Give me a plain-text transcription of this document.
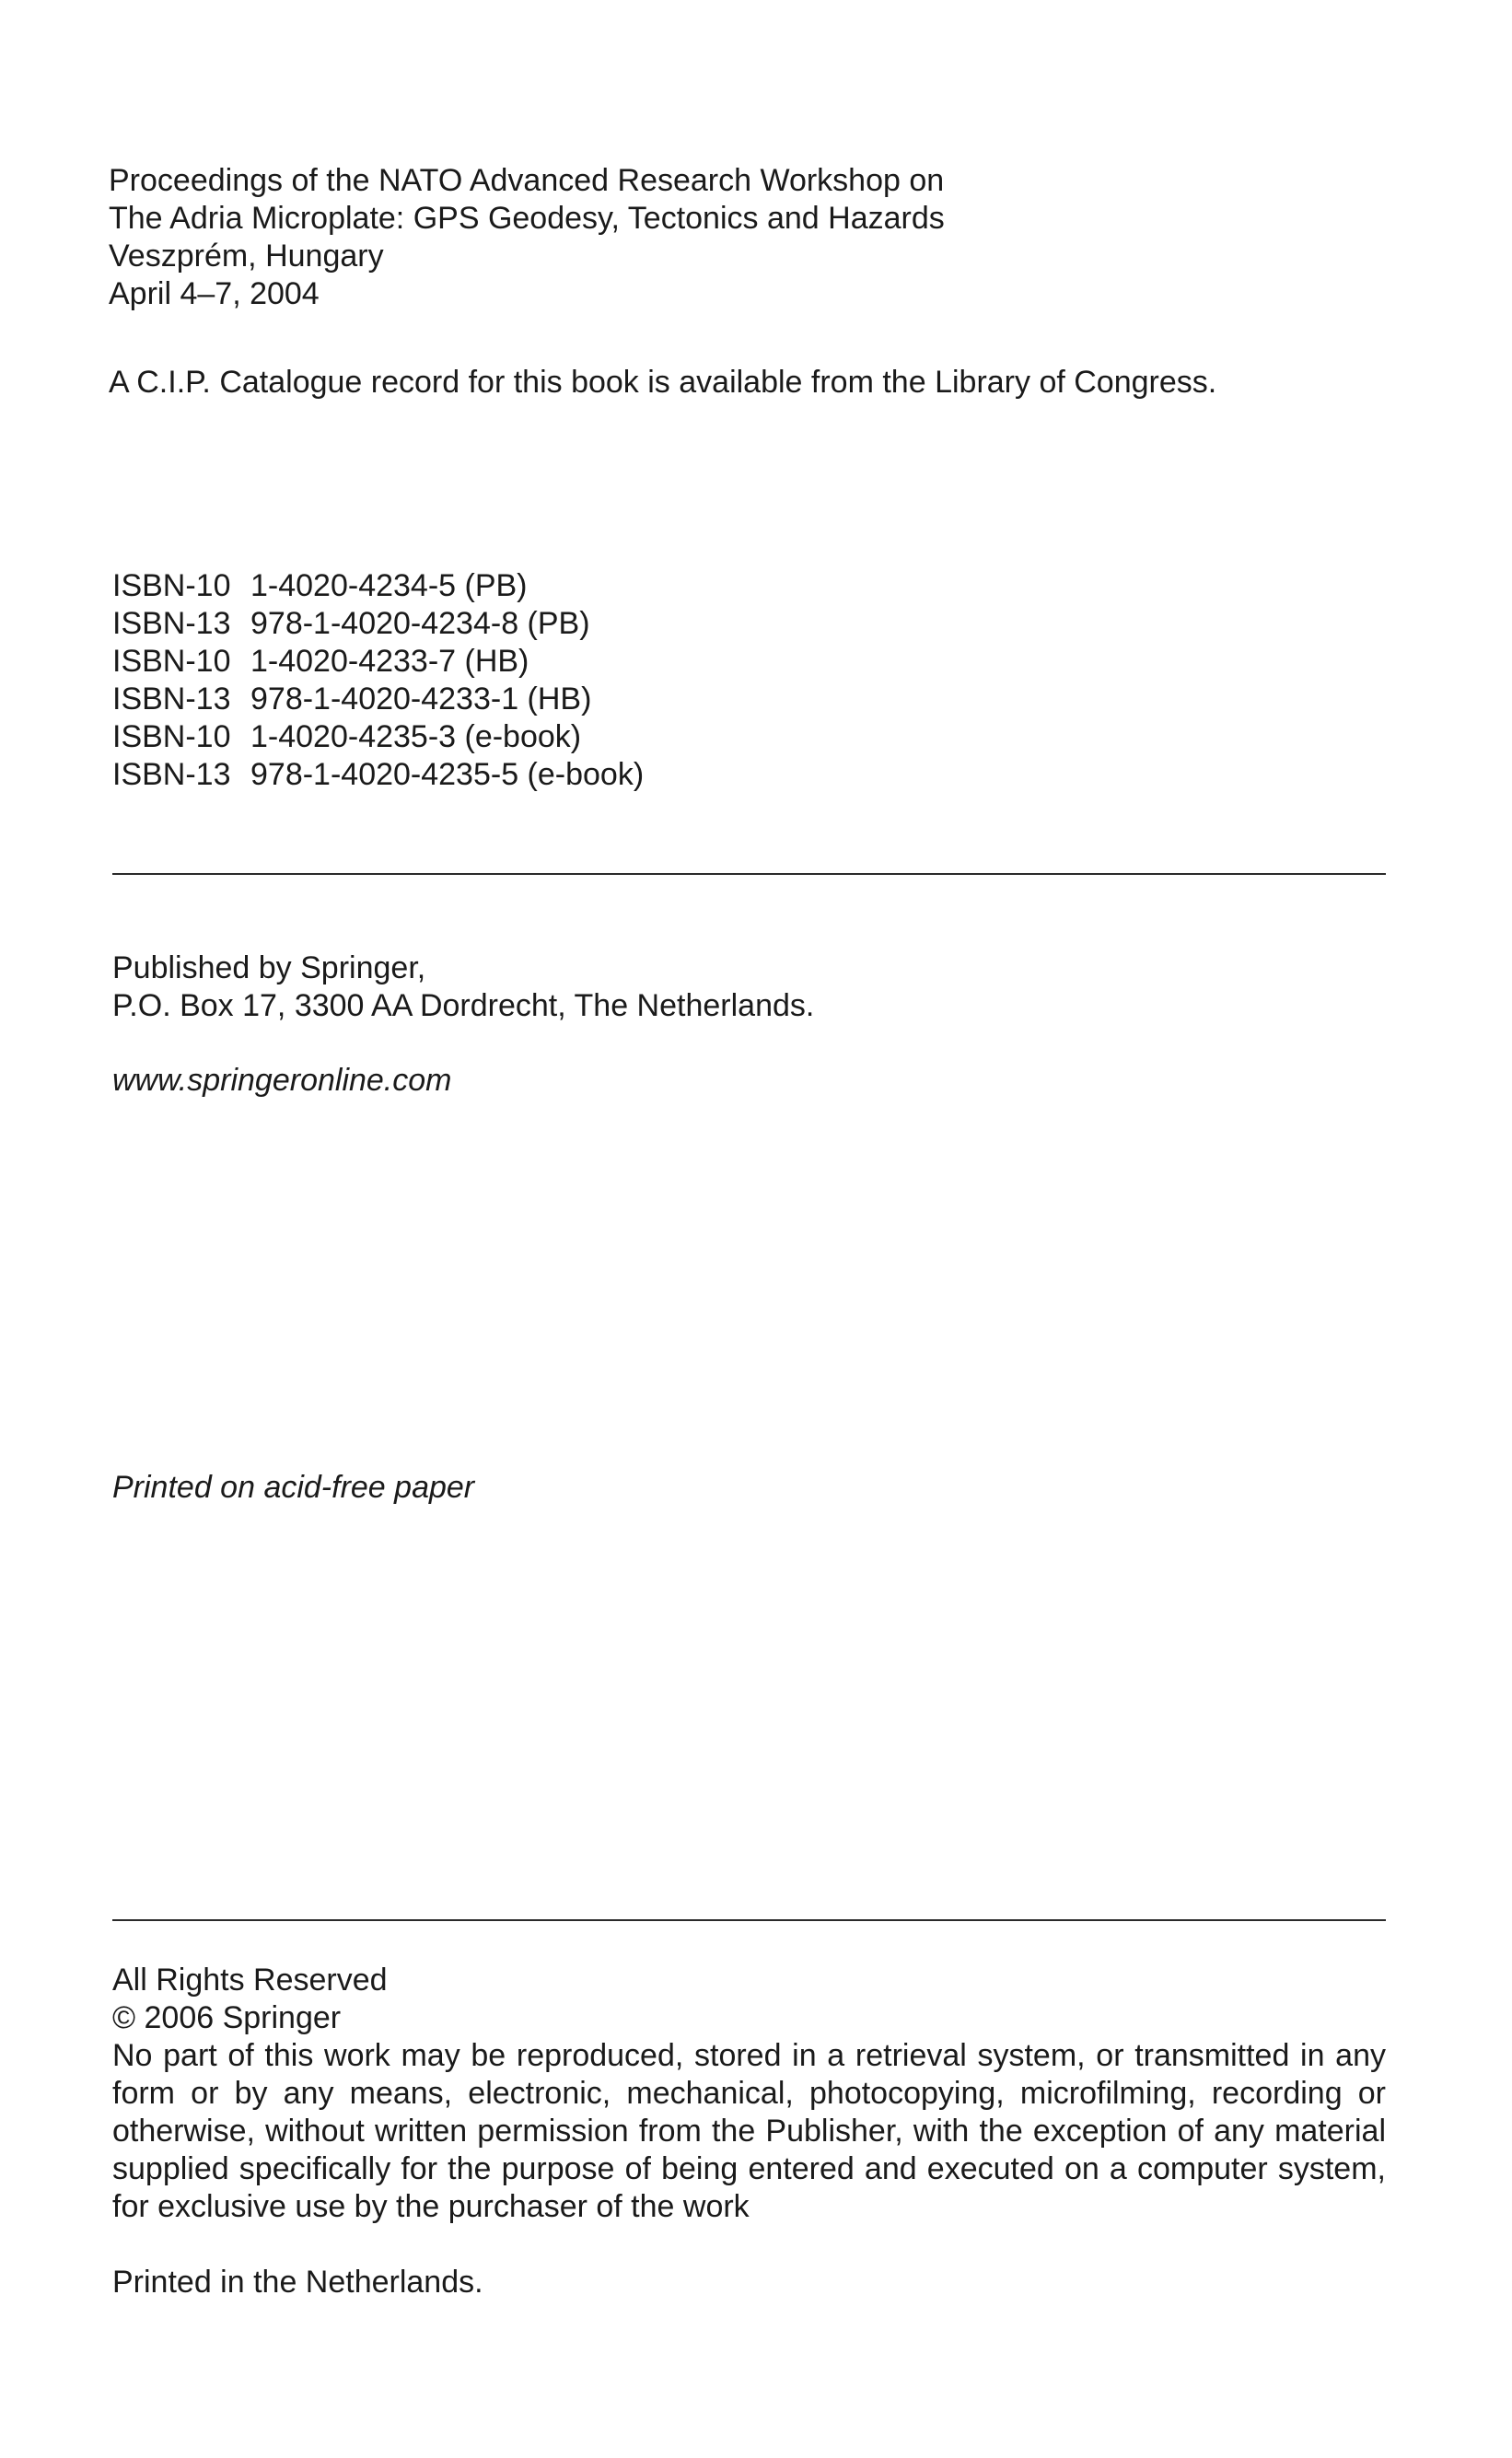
Proceedings of the NATO Advanced Research Workshop on
The Adria Microplate: GPS Geodesy, Tectonics and Hazards
Veszprém, Hungary
April 4–7, 2004
A C.I.P. Catalogue record for this book is available from the Library of Congress.
ISBN-10 1-4020-4234-5 (PB)
ISBN-13 978-1-4020-4234-8 (PB)
ISBN-10 1-4020-4233-7 (HB)
ISBN-13 978-1-4020-4233-1 (HB)
ISBN-10 1-4020-4235-3 (e-book)
ISBN-13 978-1-4020-4235-5 (e-book)
Published by Springer,
P.O. Box 17, 3300 AA Dordrecht, The Netherlands.
www.springeronline.com
Printed on acid-free paper
All Rights Reserved
© 2006 Springer
No part of this work may be reproduced, stored in a retrieval system, or transmitted in any form or by any means, electronic, mechanical, photocopying, microfilming, recording or otherwise, without written permission from the Publisher, with the exception of any material supplied specifically for the purpose of being entered and executed on a computer system, for exclusive use by the purchaser of the work
Printed in the Netherlands.
